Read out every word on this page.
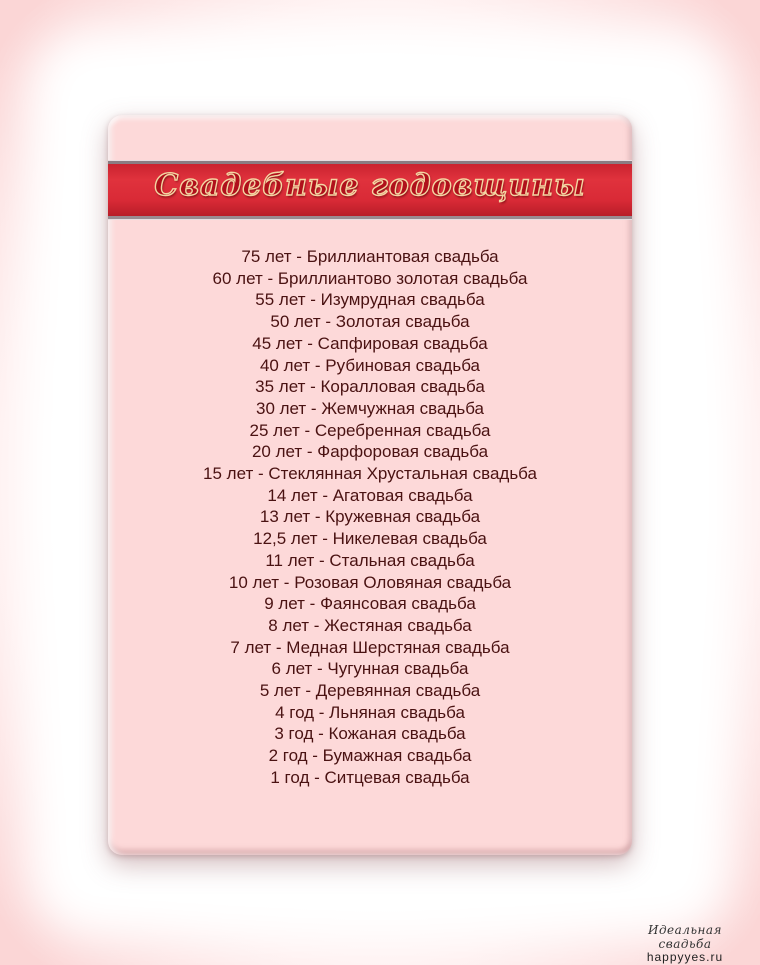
Свадебные годовщины
75 лет - Бриллиантовая свадьба
60 лет - Бриллиантово золотая свадьба
55 лет - Изумрудная свадьба
50 лет - Золотая свадьба
45 лет - Сапфировая свадьба
40 лет - Рубиновая свадьба
35 лет - Коралловая свадьба
30 лет - Жемчужная свадьба
25 лет - Серебренная свадьба
20 лет - Фарфоровая свадьба
15 лет - Стеклянная Хрустальная свадьба
14 лет - Агатовая свадьба
13 лет - Кружевная свадьба
12,5 лет - Никелевая свадьба
11 лет - Стальная свадьба
10 лет - Розовая Оловяная свадьба
9 лет - Фаянсовая свадьба
8 лет - Жестяная свадьба
7 лет - Медная Шерстяная свадьба
6 лет - Чугунная свадьба
5 лет - Деревянная свадьба
4 год - Льняная свадьба
3 год - Кожаная свадьба
2 год - Бумажная свадьба
1 год - Ситцевая свадьба
Идеальная свадьба
happyyes.ru
